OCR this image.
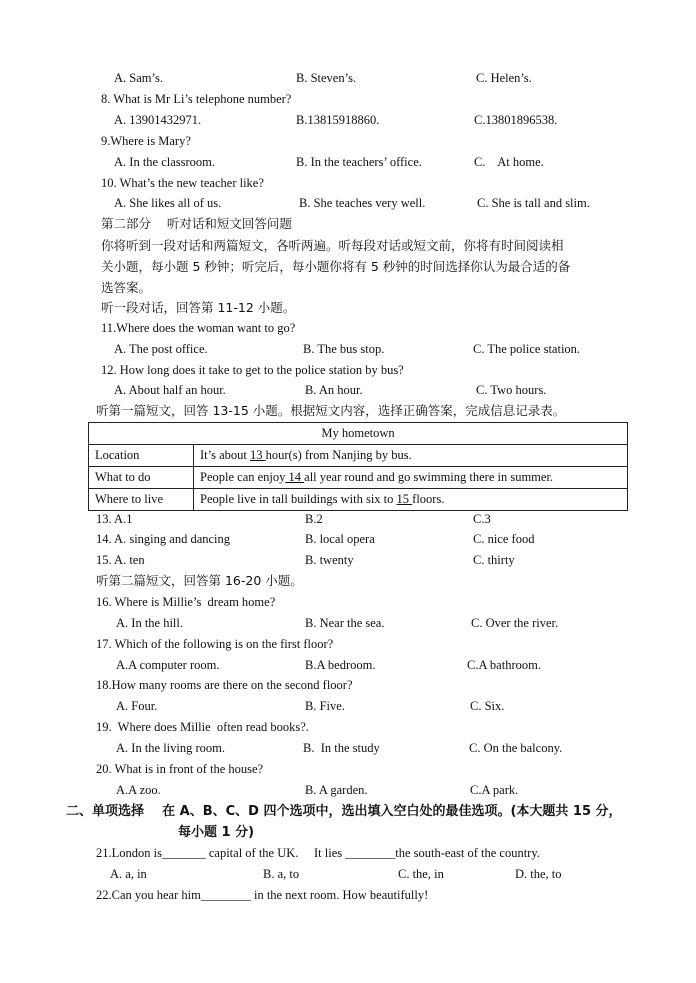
A. Sam’s.	B. Steven’s.	C. Helen’s.
8. What is Mr Li’s telephone number?
A. 13901432971.	B.13815918860.	C.13801896538.
9.Where is Mary?
A. In the classroom.	B. In the teachers’ office.	C.    At home.
10. What’s the new teacher like?
A. She likes all of us.	B. She teaches very well.	C. She is tall and slim.
第二部分    听对话和短文回答问题
你将听到一段对话和两篇短文，各听两遍。听每段对话或短文前，你将有时间阅读相
关小题，每小题 5 秒钟；听完后，每小题你将有 5 秒钟的时间选择你认为最合适的备
选答案。
听一段对话，回答第 11-12 小题。
11.Where does the woman want to go?
A. The post office.	B. The bus stop.	C. The police station.
12. How long does it take to get to the police station by bus?
A. About half an hour.	B. An hour.	C. Two hours.
听第一篇短文，回答 13-15 小题。根据短文内容，选择正确答案，完成信息记录表。
My hometown	
Location	It’s about 13 hour(s) from Nanjing by bus.
What to do	People can enjoy 14 all year round and go swimming there in summer.
Where to live	People live in tall buildings with six to 15 floors.
13. A.1	B.2	C.3
14. A. singing and dancing	B. local opera	C. nice food
15. A. ten	B. twenty	C. thirty
听第二篇短文，回答第 16-20 小题。
16. Where is Millie’s  dream home?
A. In the hill.	B. Near the sea.	C. Over the river.
17. Which of the following is on the first floor?
A.A computer room.	B.A bedroom.	C.A bathroom.
18.How many rooms are there on the second floor?
A. Four.	B. Five.	C. Six.
19.  Where does Millie  often read books?.
A. In the living room.	B.  In the study	C. On the balcony.
20. What is in front of the house?
A.A zoo.	B. A garden.	C.A park.
二、单项选择    在 A、B、C、D 四个选项中，选出填入空白处的最佳选项。(本大题共 15 分，
每小题 1 分)
21.London is_______ capital of the UK.     It lies ________the south-east of the country.
A. a, in	B. a, to	C. the, in	D. the, to
22.Can you hear him________ in the next room. How beautifully!
